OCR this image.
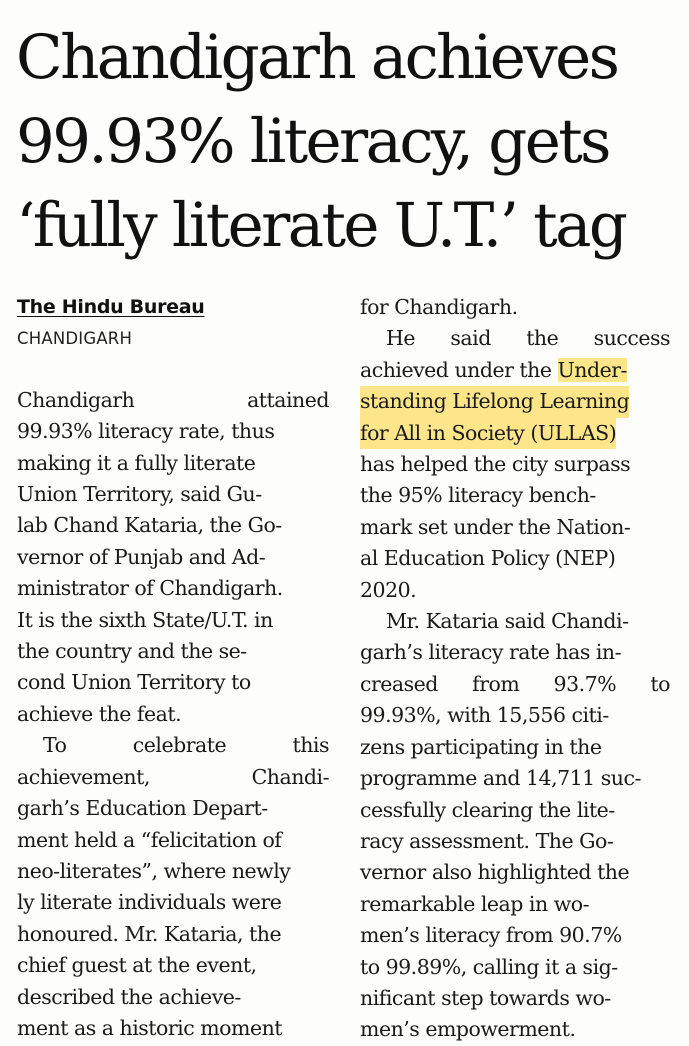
Chandigarh achieves
99.93% literacy, gets
‘fully literate U.T.’ tag
The Hindu Bureau
CHANDIGARH
Chandigarh	attained
99.93% literacy rate, thus
making it a fully literate
Union Territory, said Gu-
lab Chand Kataria, the Go-
vernor of Punjab and Ad-
ministrator of Chandigarh.
It is the sixth State/U.T. in
the country and the se-
cond Union Territory to
achieve the feat.
To	celebrate	this
achievement,	Chandi-
garh’s Education Depart-
ment held a “felicitation of
neo-literates”, where newly
ly literate individuals were
honoured. Mr. Kataria, the
chief guest at the event,
described the achieve-
ment as a historic moment
for Chandigarh.
He said the success
achieved under the Under-
standing Lifelong Learning
for All in Society (ULLAS)
has helped the city surpass
the 95% literacy bench-
mark set under the Nation-
al Education Policy (NEP)
2020.
Mr. Kataria said Chandi-
garh’s literacy rate has in-
creased from 93.7% to
99.93%, with 15,556 citi-
zens participating in the
programme and 14,711 suc-
cessfully clearing the lite-
racy assessment. The Go-
vernor also highlighted the
remarkable leap in wo-
men’s literacy from 90.7%
to 99.89%, calling it a sig-
nificant step towards wo-
men’s empowerment.
